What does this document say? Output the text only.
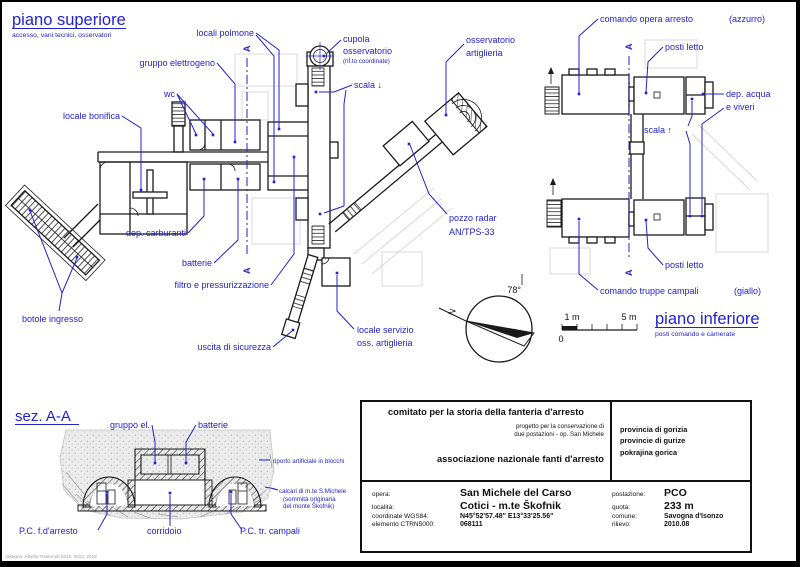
A
A
A
A
piano superiore
accesso, vani tecnici, osservatori
locale bonifica
wc
gruppo elettrogeno
locali polmone
dep. carburanti
batterie
filtro e pressurizzazione
botole ingresso
uscita di sicurezza
locale servizio
oss. artiglieria
pozzo radar
AN/TPS-33
cupola
osservatorio
(rif.to coordinate)
scala ↓
osservatorio
artiglieria
comando opera arresto	(azzurro)
posti letto
dep. acqua
e viveri
scala ↑
posti letto
comando truppe campali	(giallo)
piano inferiore
posti comando e camerate
78°
N	1 m	5 m
0
sez. A-A	gruppo el.	batterie
riporto artificiale in blocchi
calcari di m.te S.Michele
(sommità originaria
del monte Škofnik)
P.C. f.d'arresto	corridoio	P.C. tr. campali
disegno: Alberto Pastorutti 2010, 2013, 2018
comitato per la storia della fanteria d'arresto
progetto per la conservazione di
due postazioni - op. San Michele
associazione nazionale fanti d'arresto
provincia di gorizia
provincie di gurize
pokrajina gorica
opera:	San Michele del Carso
località:	Cotici - m.te Škofnik
coordinate WGS84:	N45°52'57.48" E13°33'25.56"
elemento CTRN5000:	068111
postazione:	PCO
quota:	233 m
comune:	Savogna d'Isonzo
rilievo:	2010.08
